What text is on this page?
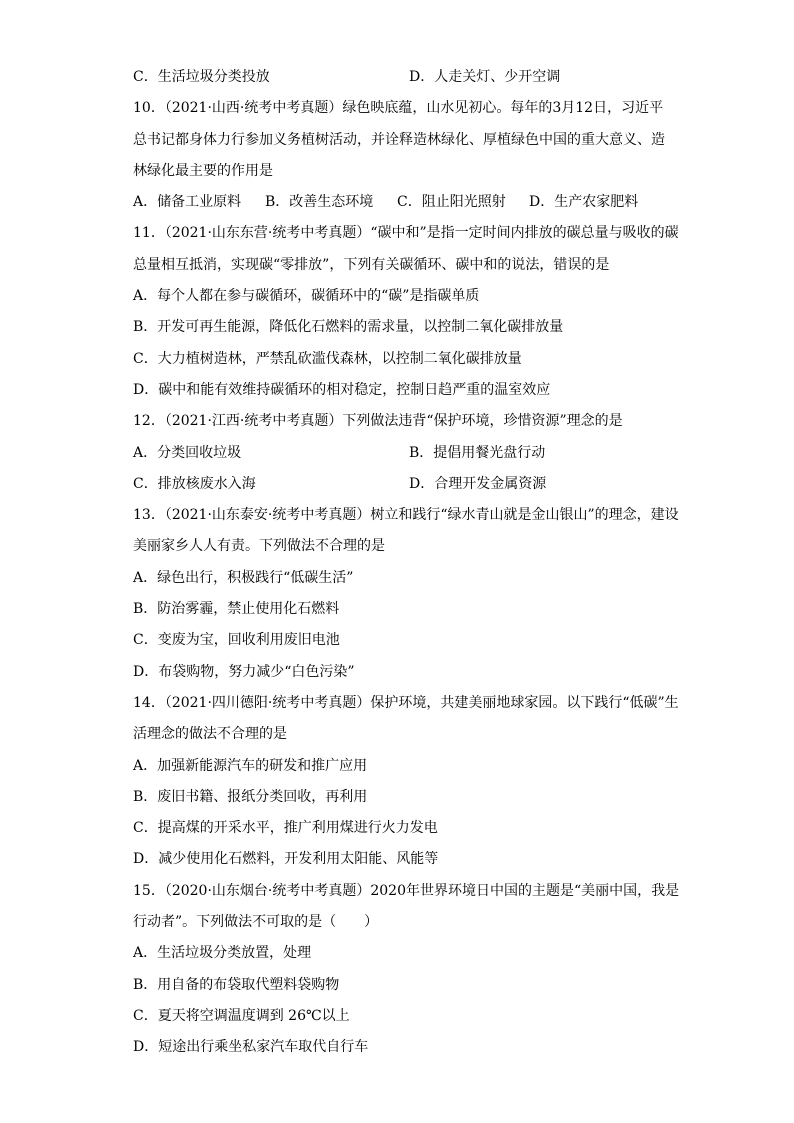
C．生活垃圾分类投放	D．人走关灯、少开空调
10．（2021·山西·统考中考真题）绿色映底蕴，山水见初心。每年的3月12日，习近平
总书记都身体力行参加义务植树活动，并诠释造林绿化、厚植绿色中国的重大意义、造
林绿化最主要的作用是
A．储备工业原料	B．改善生态环境	C．阻止阳光照射	D．生产农家肥料
11．（2021·山东东营·统考中考真题）“碳中和”是指一定时间内排放的碳总量与吸收的碳
总量相互抵消，实现碳“零排放”，下列有关碳循环、碳中和的说法，错误的是
A．每个人都在参与碳循环，碳循环中的“碳”是指碳单质
B．开发可再生能源，降低化石燃料的需求量，以控制二氧化碳排放量
C．大力植树造林，严禁乱砍滥伐森林，以控制二氧化碳排放量
D．碳中和能有效维持碳循环的相对稳定，控制日趋严重的温室效应
12．（2021·江西·统考中考真题）下列做法违背“保护环境，珍惜资源”理念的是
A．分类回收垃圾	B．提倡用餐光盘行动
C．排放核废水入海	D．合理开发金属资源
13．（2021·山东泰安·统考中考真题）树立和践行“绿水青山就是金山银山”的理念，建设
美丽家乡人人有责。下列做法不合理的是
A．绿色出行，积极践行“低碳生活”
B．防治雾霾，禁止使用化石燃料
C．变废为宝，回收利用废旧电池
D．布袋购物，努力减少“白色污染”
14．（2021·四川德阳·统考中考真题）保护环境，共建美丽地球家园。以下践行“低碳”生
活理念的做法不合理的是
A．加强新能源汽车的研发和推广应用
B．废旧书籍、报纸分类回收，再利用
C．提高煤的开采水平，推广利用煤进行火力发电
D．减少使用化石燃料，开发利用太阳能、风能等
15．（2020·山东烟台·统考中考真题）2020年世界环境日中国的主题是“美丽中国，我是
行动者”。下列做法不可取的是（　　）
A．生活垃圾分类放置，处理
B．用自备的布袋取代塑料袋购物
C．夏天将空调温度调到 26℃以上
D．短途出行乘坐私家汽车取代自行车
